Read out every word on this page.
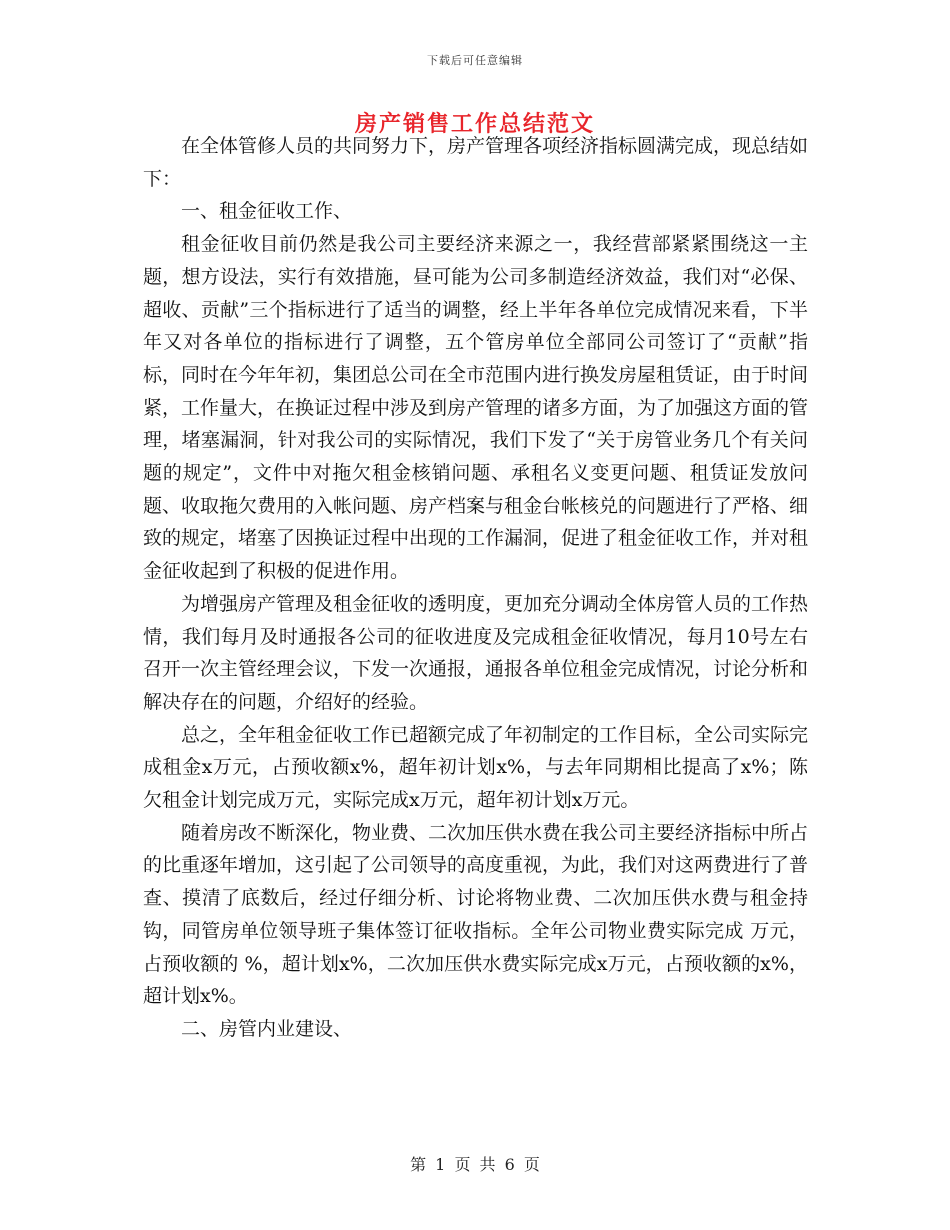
下载后可任意编辑
房产销售工作总结范文

在全体管修人员的共同努力下，房产管理各项经济指标圆满完成，现总结如下：

一、租金征收工作、

租金征收目前仍然是我公司主要经济来源之一，我经营部紧紧围绕这一主题，想方设法，实行有效措施，昼可能为公司多制造经济效益，我们对“必保、超收、贡献”三个指标进行了适当的调整，经上半年各单位完成情况来看，下半年又对各单位的指标进行了调整，五个管房单位全部同公司签订了“贡献”指标，同时在今年年初，集团总公司在全市范围内进行换发房屋租赁证，由于时间紧，工作量大，在换证过程中涉及到房产管理的诸多方面，为了加强这方面的管理，堵塞漏洞，针对我公司的实际情况，我们下发了“关于房管业务几个有关问题的规定”，文件中对拖欠租金核销问题、承租名义变更问题、租赁证发放问题、收取拖欠费用的入帐问题、房产档案与租金台帐核兑的问题进行了严格、细致的规定，堵塞了因换证过程中出现的工作漏洞，促进了租金征收工作，并对租金征收起到了积极的促进作用。

为增强房产管理及租金征收的透明度，更加充分调动全体房管人员的工作热情，我们每月及时通报各公司的征收进度及完成租金征收情况，每月10号左右召开一次主管经理会议，下发一次通报，通报各单位租金完成情况，讨论分析和解决存在的问题，介绍好的经验。

总之，全年租金征收工作已超额完成了年初制定的工作目标，全公司实际完成租金x万元，占预收额x%，超年初计划x%，与去年同期相比提高了x%；陈欠租金计划完成万元，实际完成x万元，超年初计划x万元。

随着房改不断深化，物业费、二次加压供水费在我公司主要经济指标中所占的比重逐年增加，这引起了公司领导的高度重视，为此，我们对这两费进行了普查、摸清了底数后，经过仔细分析、讨论将物业费、二次加压供水费与租金持钩，同管房单位领导班子集体签订征收指标。全年公司物业费实际完成 万元，占预收额的 %，超计划x%，二次加压供水费实际完成x万元，占预收额的x%，超计划x%。

二、房管内业建设、

第 1 页 共 6 页
